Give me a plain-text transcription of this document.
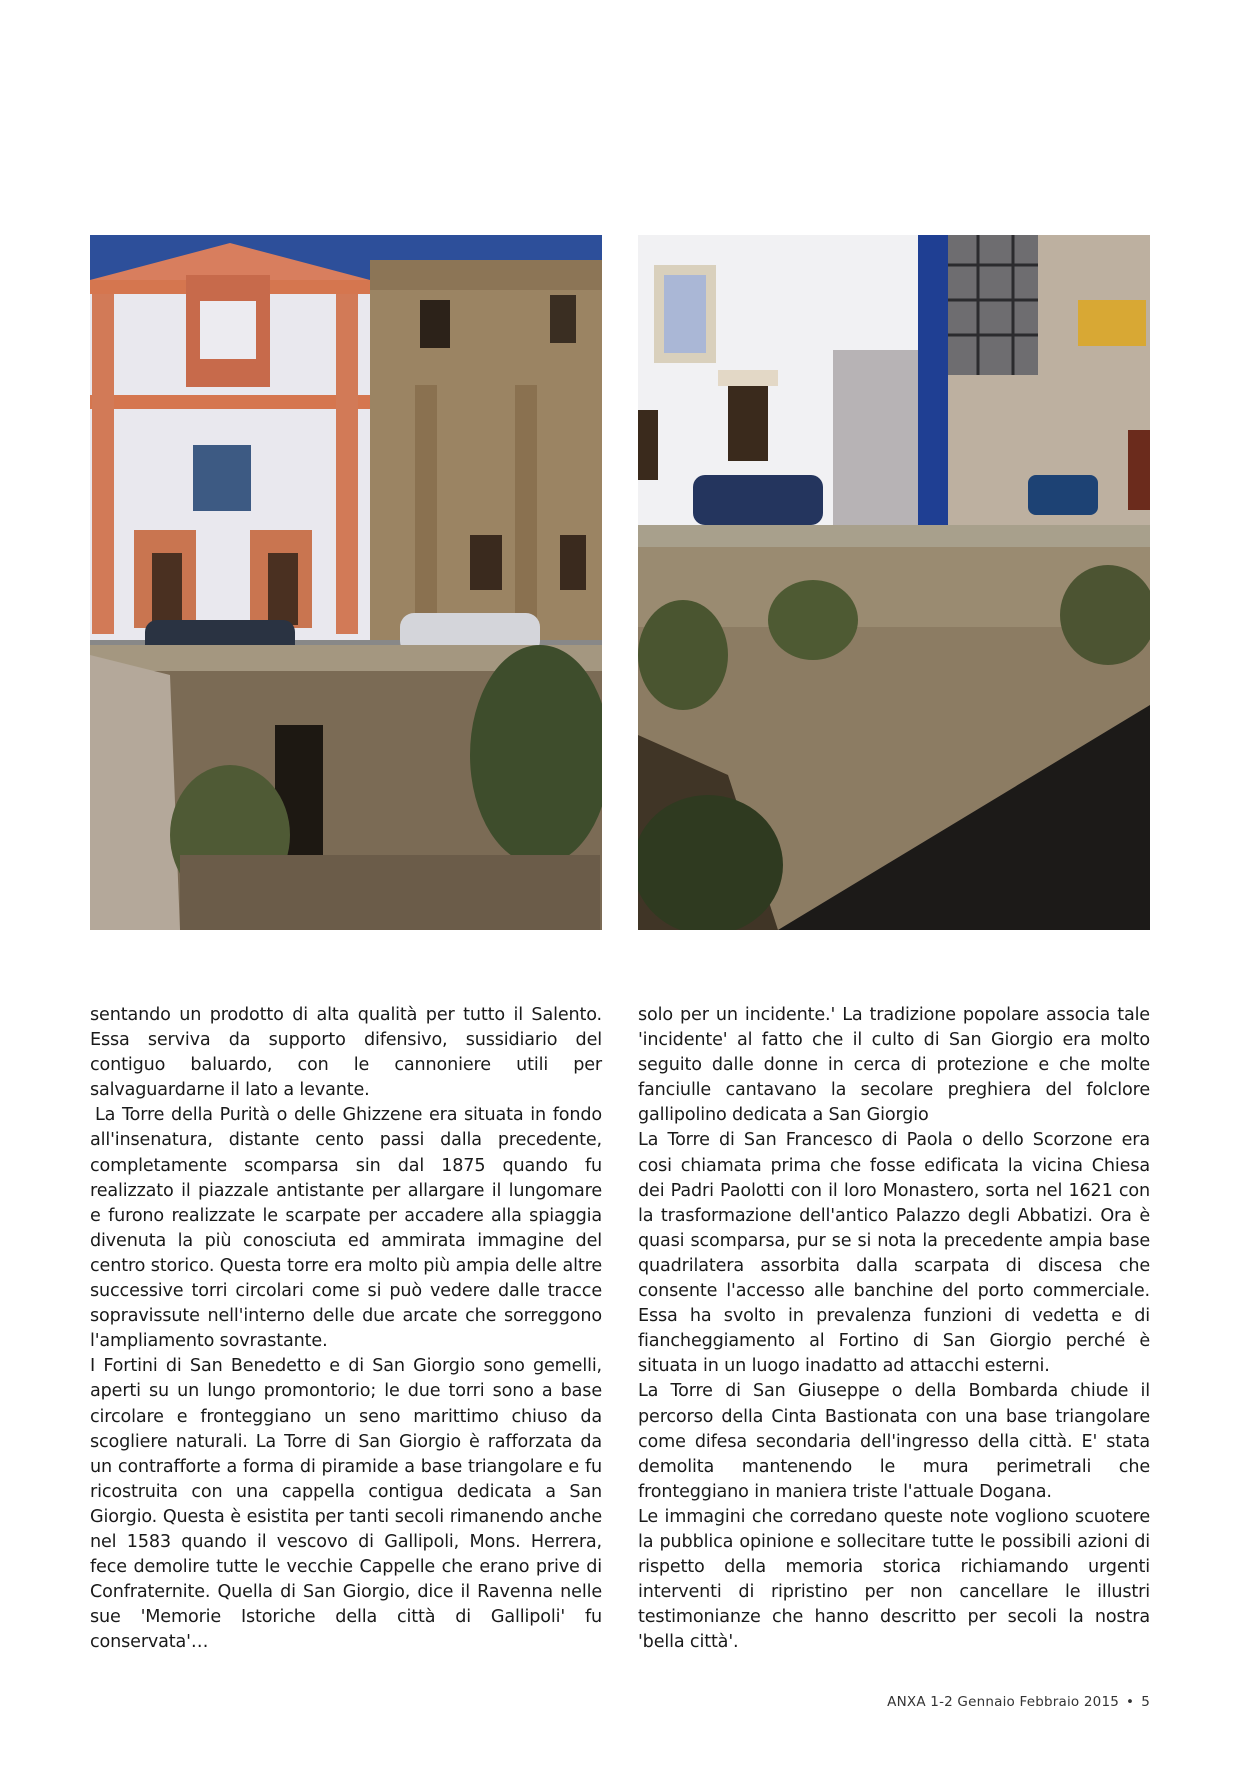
sentando un prodotto di alta qualità per tutto il Salento. Essa serviva da supporto difensivo, sussidiario del contiguo baluardo, con le cannoniere utili per salvaguardarne il lato a levante.

La Torre della Purità o delle Ghizzene era situata in fondo all'insenatura, distante cento passi dalla precedente, completamente scomparsa sin dal 1875 quando fu realizzato il piazzale antistante per allargare il lungomare e furono realizzate le scarpate per accadere alla spiaggia divenuta la più conosciuta ed ammirata immagine del centro storico. Questa torre era molto più ampia delle altre successive torri circolari come si può vedere dalle tracce sopravissute nell'interno delle due arcate che sorreggono l'ampliamento sovrastante.

I Fortini di San Benedetto e di San Giorgio sono gemelli, aperti su un lungo promontorio; le due torri sono a base circolare e fronteggiano un seno marittimo chiuso da scogliere naturali. La Torre di San Giorgio è rafforzata da un contrafforte a forma di piramide a base triangolare e fu ricostruita con una cappella contigua dedicata a San Giorgio. Questa è esistita per tanti secoli rimanendo anche nel 1583 quando il vescovo di Gallipoli, Mons. Herrera, fece demolire tutte le vecchie Cappelle che erano prive di Confraternite. Quella di San Giorgio, dice il Ravenna nelle sue 'Memorie Istoriche della città di Gallipoli' fu conservata'…

solo per un incidente.' La tradizione popolare associa tale 'incidente' al fatto che il culto di San Giorgio era molto seguito dalle donne in cerca di protezione e che molte fanciulle cantavano la secolare preghiera del folclore gallipolino dedicata a San Giorgio

La Torre di San Francesco di Paola o dello Scorzone era cosi chiamata prima che fosse edificata la vicina Chiesa dei Padri Paolotti con il loro Monastero, sorta nel 1621 con la trasformazione dell'antico Palazzo degli Abbatizi. Ora è quasi scomparsa, pur se si nota la precedente ampia base quadrilatera assorbita dalla scarpata di discesa che consente l'accesso alle banchine del porto commerciale. Essa ha svolto in prevalenza funzioni di vedetta e di fiancheggiamento al Fortino di San Giorgio perché è situata in un luogo inadatto ad attacchi esterni.

La Torre di San Giuseppe o della Bombarda chiude il percorso della Cinta Bastionata con una base triangolare come difesa secondaria dell'ingresso della città. E' stata demolita mantenendo le mura perimetrali che fronteggiano in maniera triste l'attuale Dogana.

Le immagini che corredano queste note vogliono scuotere la pubblica opinione e sollecitare tutte le possibili azioni di rispetto della memoria storica richiamando urgenti interventi di ripristino per non cancellare le illustri testimonianze che hanno descritto per secoli la nostra 'bella città'.

ANXA 1-2 Gennaio Febbraio 2015 • 5
